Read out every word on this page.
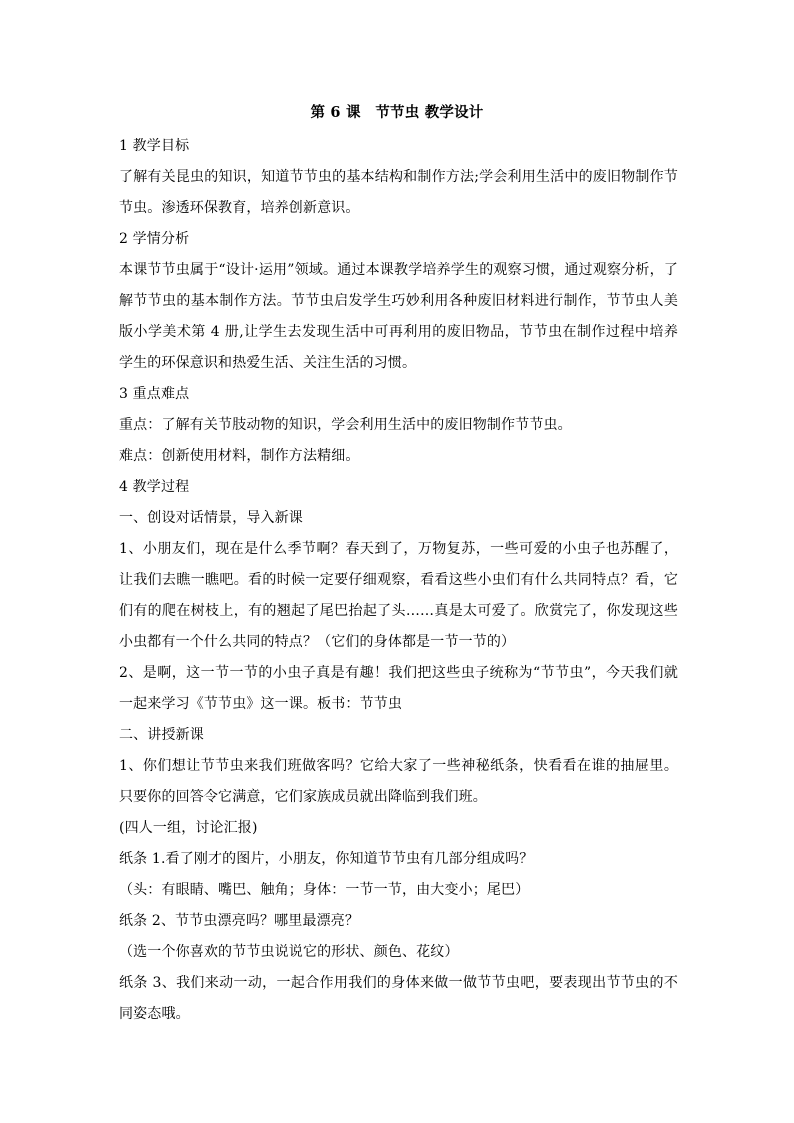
第 6 课　节节虫 教学设计

1 教学目标

了解有关昆虫的知识，知道节节虫的基本结构和制作方法;学会利用生活中的废旧物制作节节虫。渗透环保教育，培养创新意识。

2 学情分析

本课节节虫属于“设计·运用”领域。通过本课教学培养学生的观察习惯，通过观察分析，了解节节虫的基本制作方法。节节虫启发学生巧妙利用各种废旧材料进行制作，节节虫人美版小学美术第 4 册,让学生去发现生活中可再利用的废旧物品，节节虫在制作过程中培养学生的环保意识和热爱生活、关注生活的习惯。

3 重点难点

重点：了解有关节肢动物的知识，学会利用生活中的废旧物制作节节虫。

难点：创新使用材料，制作方法精细。

4 教学过程

一、创设对话情景，导入新课

1、小朋友们，现在是什么季节啊？春天到了，万物复苏，一些可爱的小虫子也苏醒了，让我们去瞧一瞧吧。看的时候一定要仔细观察，看看这些小虫们有什么共同特点？看，它们有的爬在树枝上，有的翘起了尾巴抬起了头……真是太可爱了。欣赏完了，你发现这些小虫都有一个什么共同的特点？（它们的身体都是一节一节的）

2、是啊，这一节一节的小虫子真是有趣！我们把这些虫子统称为“节节虫”，今天我们就一起来学习《节节虫》这一课。板书：节节虫

二、讲授新课

1、你们想让节节虫来我们班做客吗？它给大家了一些神秘纸条，快看看在谁的抽屉里。只要你的回答令它满意，它们家族成员就出降临到我们班。

(四人一组，讨论汇报)

纸条 1.看了刚才的图片，小朋友，你知道节节虫有几部分组成吗？

（头：有眼睛、嘴巴、触角；身体：一节一节，由大变小；尾巴）

纸条 2、节节虫漂亮吗？哪里最漂亮？

（选一个你喜欢的节节虫说说它的形状、颜色、花纹）

纸条 3、我们来动一动，一起合作用我们的身体来做一做节节虫吧，要表现出节节虫的不同姿态哦。
